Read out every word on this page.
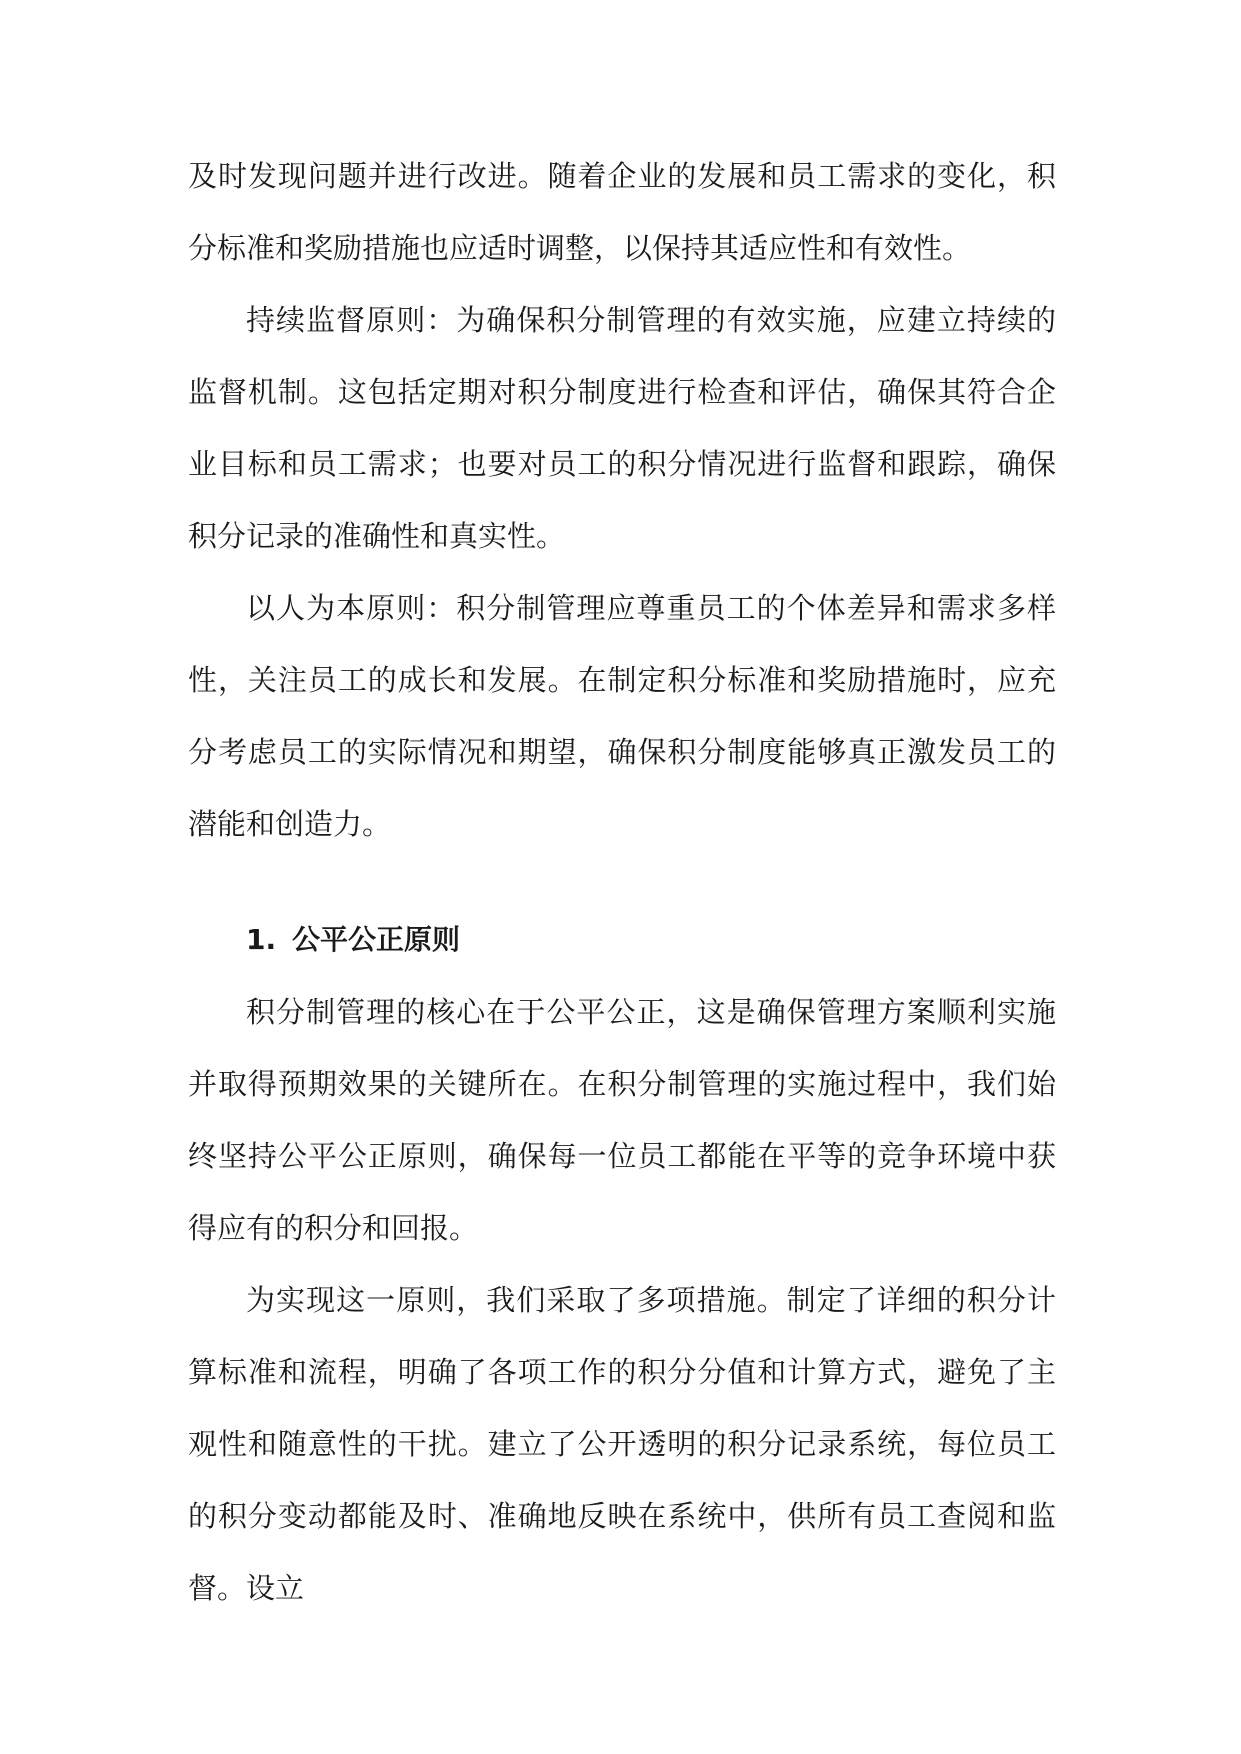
及时发现问题并进行改进。随着企业的发展和员工需求的变化，积分标准和奖励措施也应适时调整，以保持其适应性和有效性。

持续监督原则：为确保积分制管理的有效实施，应建立持续的监督机制。这包括定期对积分制度进行检查和评估，确保其符合企业目标和员工需求；也要对员工的积分情况进行监督和跟踪，确保积分记录的准确性和真实性。

以人为本原则：积分制管理应尊重员工的个体差异和需求多样性，关注员工的成长和发展。在制定积分标准和奖励措施时，应充分考虑员工的实际情况和期望，确保积分制度能够真正激发员工的潜能和创造力。

1. 公平公正原则

积分制管理的核心在于公平公正，这是确保管理方案顺利实施并取得预期效果的关键所在。在积分制管理的实施过程中，我们始终坚持公平公正原则，确保每一位员工都能在平等的竞争环境中获得应有的积分和回报。

为实现这一原则，我们采取了多项措施。制定了详细的积分计算标准和流程，明确了各项工作的积分分值和计算方式，避免了主观性和随意性的干扰。建立了公开透明的积分记录系统，每位员工的积分变动都能及时、准确地反映在系统中，供所有员工查阅和监督。设立
